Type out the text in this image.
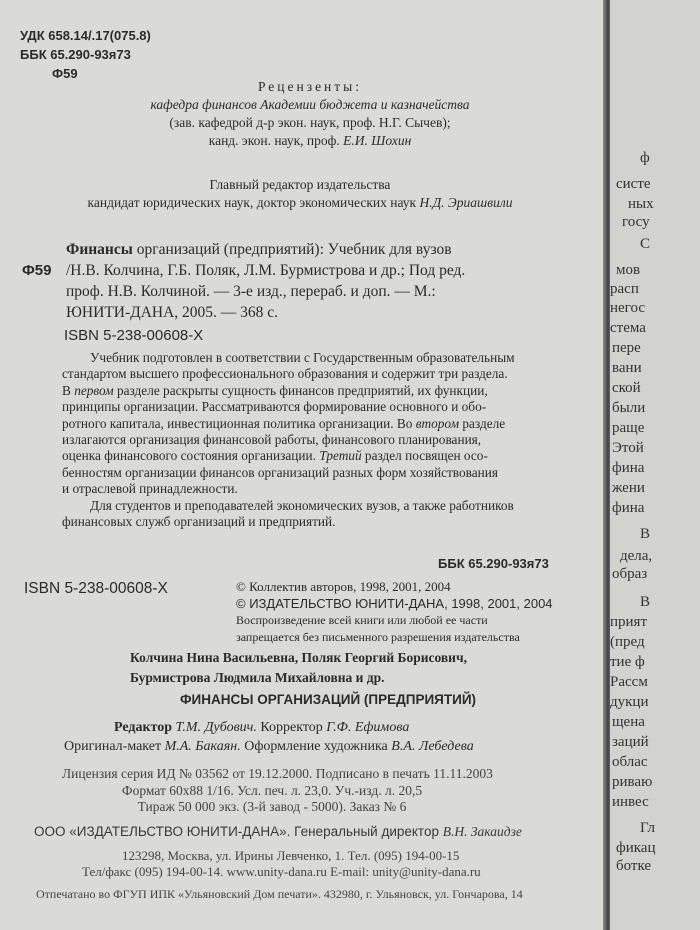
УДК 658.14/.17(075.8)
ББК 65.290-93я73
Ф59
Рецензенты:
кафедра финансов Академии бюджета и казначейства
(зав. кафедрой д-р экон. наук, проф. Н.Г. Сычев);
канд. экон. наук, проф. Е.И. Шохин
Главный редактор издательства
кандидат юридических наук, доктор экономических наук Н.Д. Эриашвили
Ф59
Финансы организаций (предприятий): Учебник для вузов
/Н.В. Колчина, Г.Б. Поляк, Л.М. Бурмистрова и др.; Под ред.
проф. Н.В. Колчиной. — 3-е изд., перераб. и доп. — М.:
ЮНИТИ-ДАНА, 2005. — 368 с.
ISBN 5-238-00608-X
Учебник подготовлен в соответствии с Государственным образовательным
стандартом высшего профессионального образования и содержит три раздела.
В первом разделе раскрыты сущность финансов предприятий, их функции,
принципы организации. Рассматриваются формирование основного и обо-
ротного капитала, инвестиционная политика организации. Во втором разделе
излагаются организация финансовой работы, финансового планирования,
оценка финансового состояния организации. Третий раздел посвящен осо-
бенностям организации финансов организаций разных форм хозяйствования
и отраслевой принадлежности.
Для студентов и преподавателей экономических вузов, а также работников
финансовых служб организаций и предприятий.
ББК 65.290-93я73
ISBN 5-238-00608-X	© Коллектив авторов, 1998, 2001, 2004
© ИЗДАТЕЛЬСТВО ЮНИТИ-ДАНА, 1998, 2001, 2004
Воспроизведение всей книги или любой ее части
запрещается без письменного разрешения издательства
Колчина Нина Васильевна, Поляк Георгий Борисович,
Бурмистрова Людмила Михайловна и др.
ФИНАНСЫ ОРГАНИЗАЦИЙ (ПРЕДПРИЯТИЙ)
Редактор Т.М. Дубович. Корректор Г.Ф. Ефимова
Оригинал-макет М.А. Бакаян. Оформление художника В.А. Лебедева
Лицензия серия ИД № 03562 от 19.12.2000. Подписано в печать 11.11.2003
Формат 60x88 1/16. Усл. печ. л. 23,0. Уч.-изд. л. 20,5
Тираж 50 000 экз. (3-й завод - 5000). Заказ № 6
ООО «ИЗДАТЕЛЬСТВО ЮНИТИ-ДАНА». Генеральный директор В.Н. Закаидзе
123298, Москва, ул. Ирины Левченко, 1. Тел. (095) 194-00-15
Тел/факс (095) 194-00-14. www.unity-dana.ru E-mail: unity@unity-dana.ru
Отпечатано во ФГУП ИПК «Ульяновский Дом печати». 432980, г. Ульяновск, ул. Гончарова, 14
ф
систе
ных
госу
С
мов
расп
негос
стема
пере
вани
ской
были
раще
Этой
фина
жени
фина
В
дела,
образ
В
прият
(пред
тие ф
Рассм
дукци
щена
заций
облас
риваю
инвес
Гл
фикац
ботке
